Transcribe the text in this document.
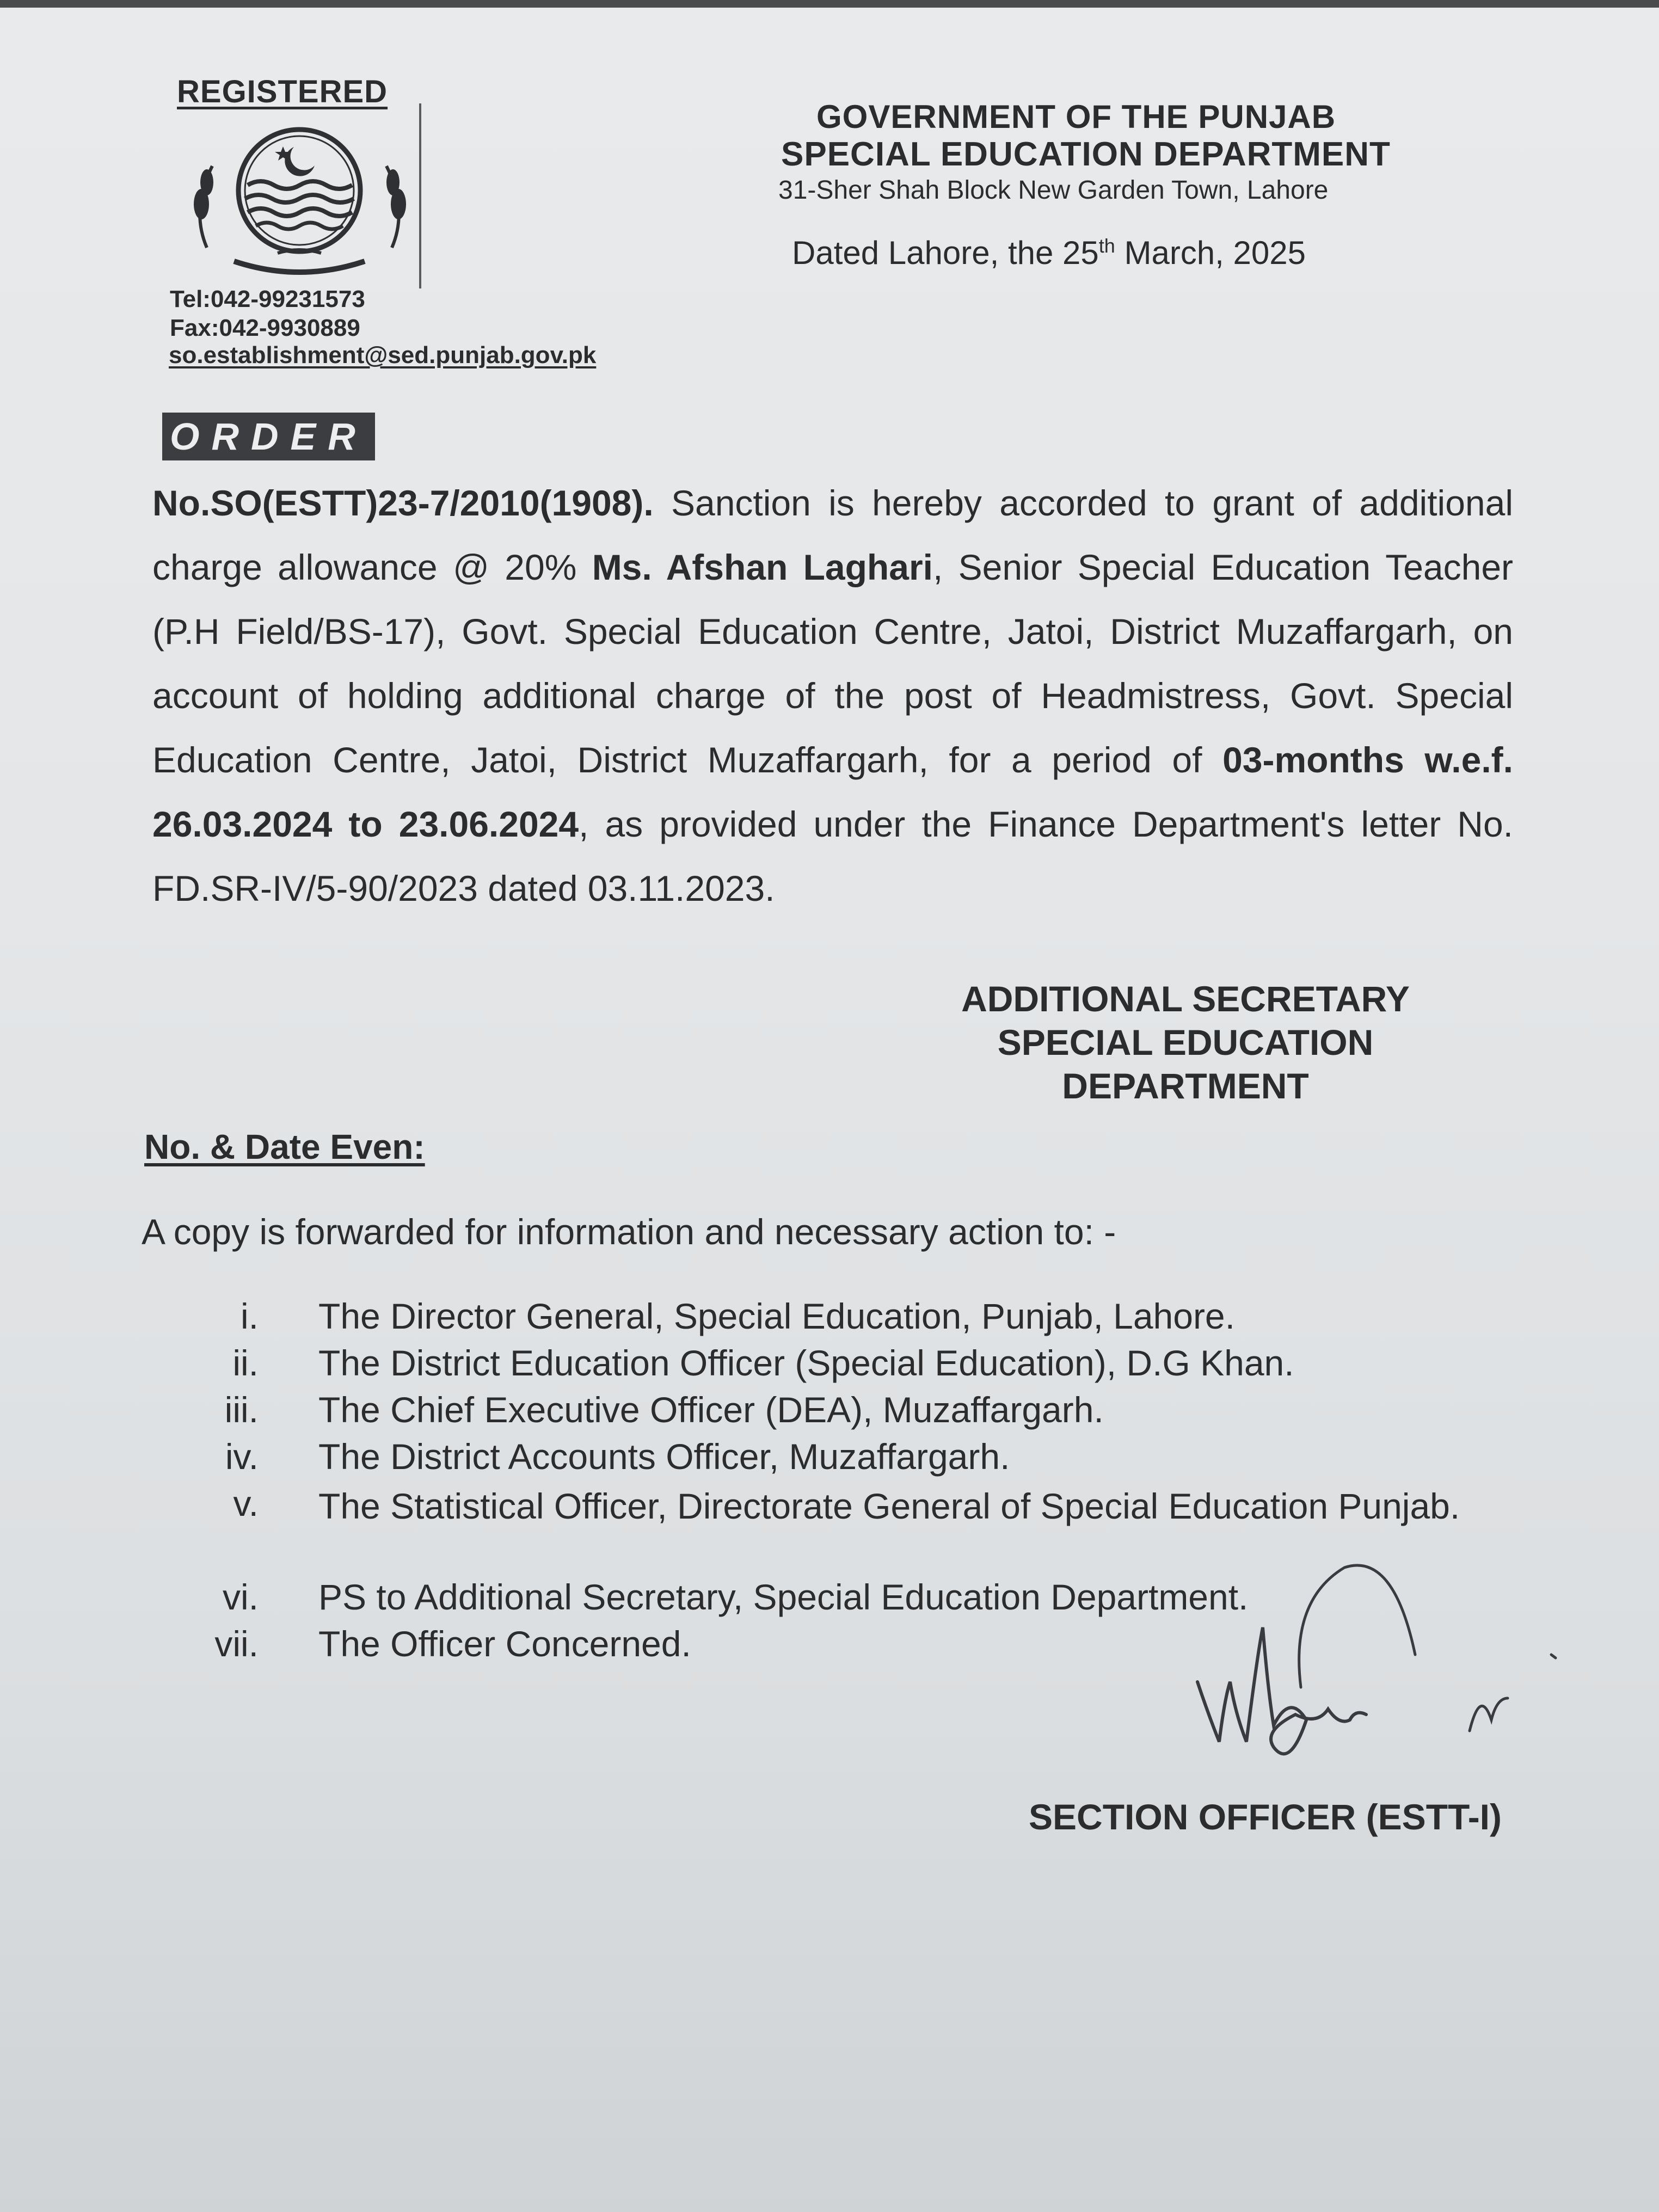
REGISTERED
Tel:042-99231573
Fax:042-9930889
so.establishment@sed.punjab.gov.pk
GOVERNMENT OF THE PUNJAB
SPECIAL EDUCATION DEPARTMENT
31-Sher Shah Block New Garden Town, Lahore
Dated Lahore, the 25th March, 2025
ORDER
No.SO(ESTT)23-7/2010(1908). Sanction is hereby accorded to grant of additional charge allowance @ 20% Ms. Afshan Laghari, Senior Special Education Teacher (P.H Field/BS-17), Govt. Special Education Centre, Jatoi, District Muzaffargarh, on account of holding additional charge of the post of Headmistress, Govt. Special Education Centre, Jatoi, District Muzaffargarh, for a period of 03-months w.e.f. 26.03.2024 to 23.06.2024, as provided under the Finance Department's letter No. FD.SR-IV/5-90/2023 dated 03.11.2023.
ADDITIONAL SECRETARY
SPECIAL EDUCATION
DEPARTMENT
No. & Date Even:
A copy is forwarded for information and necessary action to: -
i. The Director General, Special Education, Punjab, Lahore.
ii. The District Education Officer (Special Education), D.G Khan.
iii. The Chief Executive Officer (DEA), Muzaffargarh.
iv. The District Accounts Officer, Muzaffargarh.
v. The Statistical Officer, Directorate General of Special Education Punjab.
vi. PS to Additional Secretary, Special Education Department.
vii. The Officer Concerned.
SECTION OFFICER (ESTT-I)
